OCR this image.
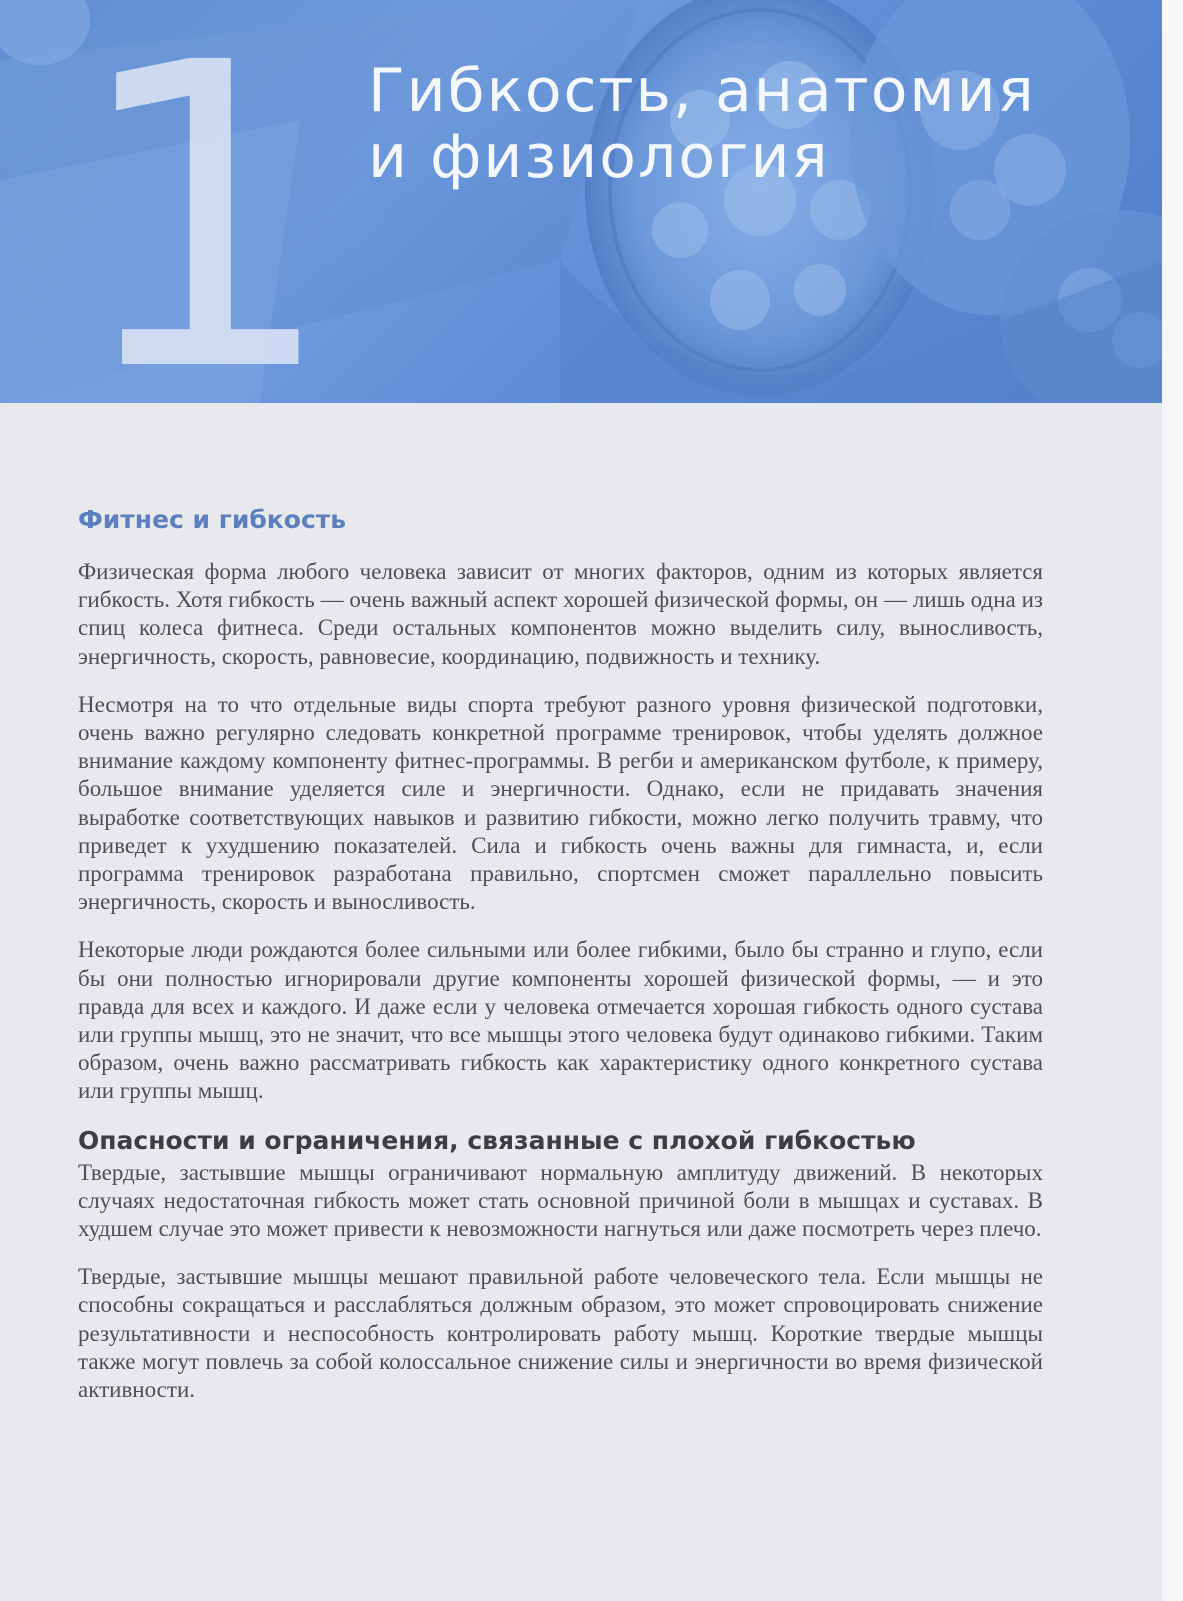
1 Гибкость, анатомия
и физиология
Фитнес и гибкость

Физическая форма любого человека зависит от многих факторов, одним из которых является гибкость. Хотя гибкость — очень важный аспект хорошей физической формы, он — лишь одна из спиц колеса фитнеса. Среди остальных компонентов можно выделить силу, выносливость, энергичность, скорость, равновесие, координацию, подвижность и технику.

Несмотря на то что отдельные виды спорта требуют разного уровня физической подготовки, очень важно регулярно следовать конкретной программе тренировок, чтобы уделять должное внимание каждому компоненту фитнес-программы. В регби и американском футболе, к примеру, большое внимание уделяется силе и энергичности. Однако, если не придавать значения выработке соответствующих навыков и развитию гибкости, можно легко получить травму, что приведет к ухудшению показателей. Сила и гибкость очень важны для гимнаста, и, если программа тренировок разработана правильно, спортсмен сможет параллельно повысить энергичность, скорость и выносливость.

Некоторые люди рождаются более сильными или более гибкими, было бы странно и глупо, если бы они полностью игнорировали другие компоненты хорошей физической формы, — и это правда для всех и каждого. И даже если у человека отмечается хорошая гибкость одного сустава или группы мышц, это не значит, что все мышцы этого человека будут одинаково гибкими. Таким образом, очень важно рассматривать гибкость как характеристику одного конкретного сустава или группы мышц.

Опасности и ограничения, связанные с плохой гибкостью

Твердые, застывшие мышцы ограничивают нормальную амплитуду движений. В некоторых случаях недостаточная гибкость может стать основной причиной боли в мышцах и суставах. В худшем случае это может привести к невозможности нагнуться или даже посмотреть через плечо.

Твердые, застывшие мышцы мешают правильной работе человеческого тела. Если мышцы не способны сокращаться и расслабляться должным образом, это может спровоцировать снижение результативности и неспособность контролировать работу мышц. Короткие твердые мышцы также могут повлечь за собой колоссальное снижение силы и энергичности во время физической активности.
